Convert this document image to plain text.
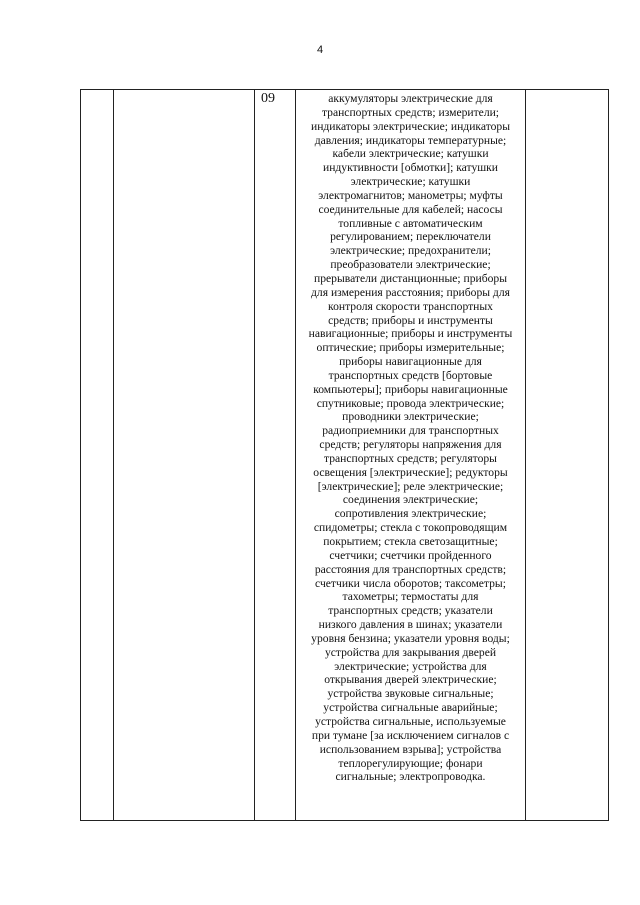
4
		09	аккумуляторы электрические для
транспортных средств; измерители;
индикаторы электрические; индикаторы
давления; индикаторы температурные;
кабели электрические; катушки
индуктивности [обмотки]; катушки
электрические; катушки
электромагнитов; манометры; муфты
соединительные для кабелей; насосы
топливные с автоматическим
регулированием; переключатели
электрические; предохранители;
преобразователи электрические;
прерыватели дистанционные; приборы
для измерения расстояния; приборы для
контроля скорости транспортных
средств; приборы и инструменты
навигационные; приборы и инструменты
оптические; приборы измерительные;
приборы навигационные для
транспортных средств [бортовые
компьютеры]; приборы навигационные
спутниковые; провода электрические;
проводники электрические;
радиоприемники для транспортных
средств; регуляторы напряжения для
транспортных средств; регуляторы
освещения [электрические]; редукторы
[электрические]; реле электрические;
соединения электрические;
сопротивления электрические;
спидометры; стекла с токопроводящим
покрытием; стекла светозащитные;
счетчики; счетчики пройденного
расстояния для транспортных средств;
счетчики числа оборотов; таксометры;
тахометры; термостаты для
транспортных средств; указатели
низкого давления в шинах; указатели
уровня бензина; указатели уровня воды;
устройства для закрывания дверей
электрические; устройства для
открывания дверей электрические;
устройства звуковые сигнальные;
устройства сигнальные аварийные;
устройства сигнальные, используемые
при тумане [за исключением сигналов с
использованием взрыва]; устройства
теплорегулирующие; фонари
сигнальные; электропроводка.
